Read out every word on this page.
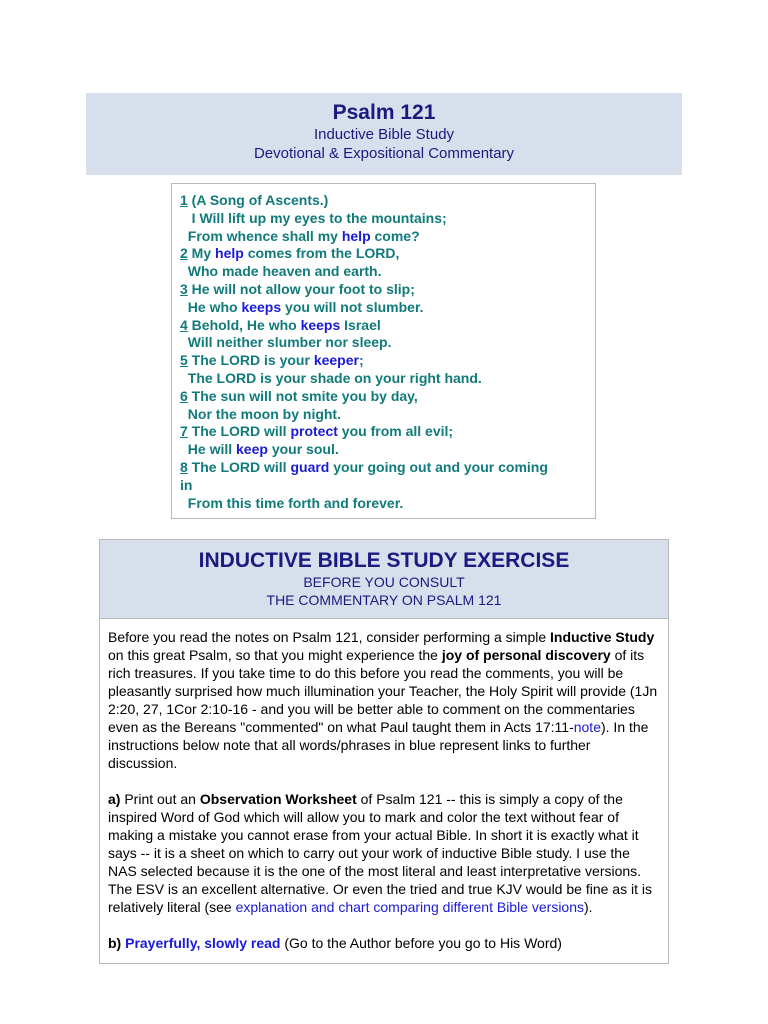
Psalm 121
Inductive Bible Study
Devotional & Expositional Commentary
1 (A Song of Ascents.)
I Will lift up my eyes to the mountains;
From whence shall my help come?
2 My help comes from the LORD,
Who made heaven and earth.
3 He will not allow your foot to slip;
He who keeps you will not slumber.
4 Behold, He who keeps Israel
Will neither slumber nor sleep.
5 The LORD is your keeper;
The LORD is your shade on your right hand.
6 The sun will not smite you by day,
Nor the moon by night.
7 The LORD will protect you from all evil;
He will keep your soul.
8 The LORD will guard your going out and your coming
in
From this time forth and forever.
INDUCTIVE BIBLE STUDY EXERCISE
BEFORE YOU CONSULT
THE COMMENTARY ON PSALM 121

Before you read the notes on Psalm 121, consider performing a simple Inductive Study on this great Psalm, so that you might experience the joy of personal discovery of its rich treasures. If you take time to do this before you read the comments, you will be pleasantly surprised how much illumination your Teacher, the Holy Spirit will provide (1Jn 2:20, 27, 1Cor 2:10-16 - and you will be better able to comment on the commentaries even as the Bereans "commented" on what Paul taught them in Acts 17:11-note). In the instructions below note that all words/phrases in blue represent links to further discussion.

a) Print out an Observation Worksheet of Psalm 121 -- this is simply a copy of the inspired Word of God which will allow you to mark and color the text without fear of making a mistake you cannot erase from your actual Bible. In short it is exactly what it says -- it is a sheet on which to carry out your work of inductive Bible study. I use the NAS selected because it is the one of the most literal and least interpretative versions. The ESV is an excellent alternative. Or even the tried and true KJV would be fine as it is relatively literal (see explanation and chart comparing different Bible versions).

b) Prayerfully, slowly read (Go to the Author before you go to His Word)
